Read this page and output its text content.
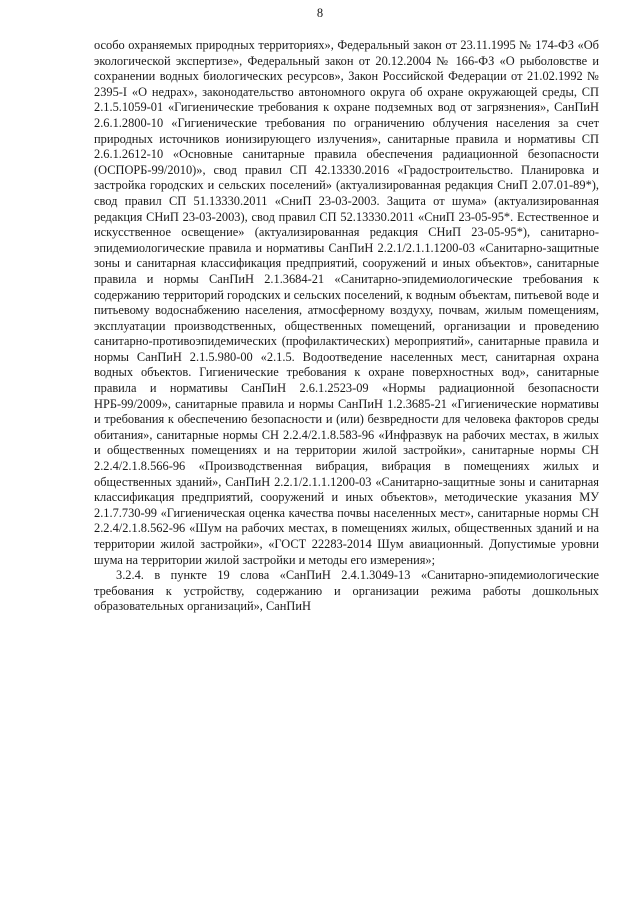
8

особо охраняемых природных территориях», Федеральный закон от 23.11.1995 № 174-ФЗ «Об экологической экспертизе», Федеральный закон от 20.12.2004 № 166-ФЗ «О рыболовстве и сохранении водных биологических ресурсов», Закон Российской Федерации от 21.02.1992 № 2395-I «О недрах», законодательство автономного округа об охране окружающей среды, СП 2.1.5.1059-01 «Гигиенические требования к охране подземных вод от загрязнения», СанПиН 2.6.1.2800-10 «Гигиенические требования по ограничению облучения населения за счет природных источников ионизирующего излучения», санитарные правила и нормативы СП 2.6.1.2612-10 «Основные санитарные правила обеспечения радиационной безопасности (ОСПОРБ-99/2010)», свод правил СП 42.13330.2016 «Градостроительство. Планировка и застройка городских и сельских поселений» (актуализированная редакция СниП 2.07.01-89*), свод правил СП 51.13330.2011 «СниП 23-03-2003. Защита от шума» (актуализированная редакция СНиП 23-03-2003), свод правил СП 52.13330.2011 «СниП 23-05-95*. Естественное и искусственное освещение» (актуализированная редакция СНиП 23-05-95*), санитарно-эпидемиологические правила и нормативы СанПиН 2.2.1/2.1.1.1200-03 «Санитарно-защитные зоны и санитарная классификация предприятий, сооружений и иных объектов», санитарные правила и нормы СанПиН 2.1.3684-21 «Санитарно-эпидемиологические требования к содержанию территорий городских и сельских поселений, к водным объектам, питьевой воде и питьевому водоснабжению населения, атмосферному воздуху, почвам, жилым помещениям, эксплуатации производственных, общественных помещений, организации и проведению санитарно-противоэпидемических (профилактических) мероприятий», санитарные правила и нормы СанПиН 2.1.5.980-00 «2.1.5. Водоотведение населенных мест, санитарная охрана водных объектов. Гигиенические требования к охране поверхностных вод», санитарные правила и нормативы СанПиН 2.6.1.2523-09 «Нормы радиационной безопасности НРБ-99/2009», санитарные правила и нормы СанПиН 1.2.3685-21 «Гигиенические нормативы и требования к обеспечению безопасности и (или) безвредности для человека факторов среды обитания», санитарные нормы СН 2.2.4/2.1.8.583-96 «Инфразвук на рабочих местах, в жилых и общественных помещениях и на территории жилой застройки», санитарные нормы СН 2.2.4/2.1.8.566-96 «Производственная вибрация, вибрация в помещениях жилых и общественных зданий», СанПиН 2.2.1/2.1.1.1200-03 «Санитарно-защитные зоны и санитарная классификация предприятий, сооружений и иных объектов», методические указания МУ 2.1.7.730-99 «Гигиеническая оценка качества почвы населенных мест», санитарные нормы СН 2.2.4/2.1.8.562-96 «Шум на рабочих местах, в помещениях жилых, общественных зданий и на территории жилой застройки», «ГОСТ 22283-2014 Шум авиационный. Допустимые уровни шума на территории жилой застройки и методы его измерения»;

3.2.4. в пункте 19 слова «СанПиН 2.4.1.3049-13 «Санитарно-эпидемиологические требования к устройству, содержанию и организации режима работы дошкольных образовательных организаций», СанПиН
